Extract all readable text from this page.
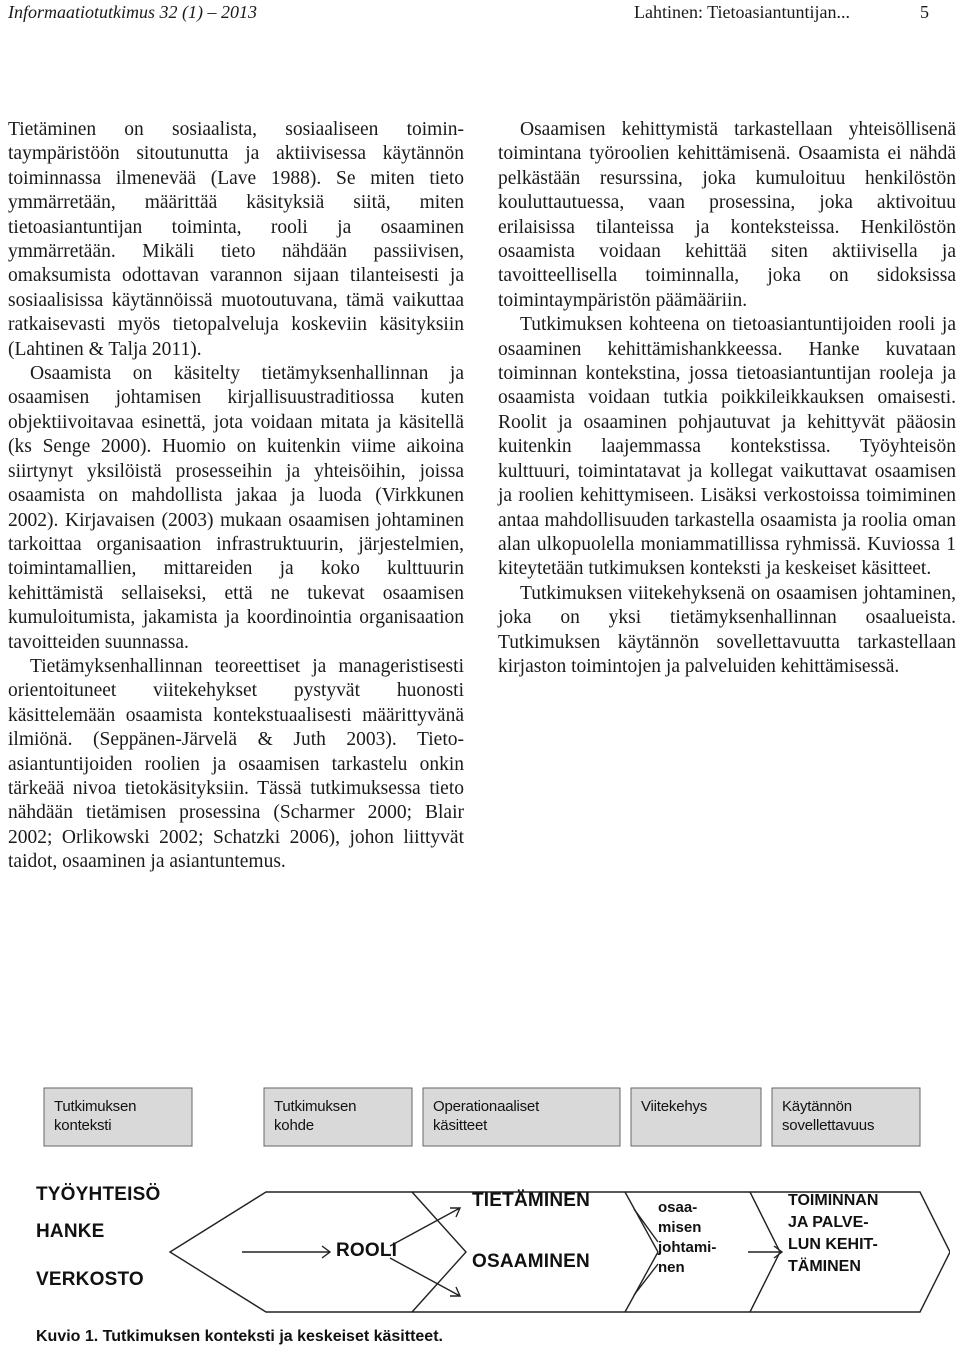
Informaatiotutkimus 32 (1) – 2013	Lahtinen: Tietoasiantuntijan...	5

Tietäminen on sosiaalista, sosiaaliseen toimintaympäristöön sitoutunutta ja aktiivisessa käytännön toiminnassa ilmenevää (Lave 1988). Se miten tieto ymmärretään, määrittää käsityksiä siitä, miten tietoasiantuntijan toiminta, rooli ja osaaminen ymmärretään. Mikäli tieto nähdään passiivisen, omaksumista odottavan varannon sijaan tilanteisesti ja sosiaalisissa käytännöissä muotoutuvana, tämä vaikuttaa ratkaisevasti myös tietopalveluja koskeviin käsityksiin (Lahtinen & Talja 2011).

Osaamista on käsitelty tietämyksenhallinnan ja osaamisen johtamisen kirjallisuustraditiossa kuten objektiivoitavaa esinettä, jota voidaan mitata ja käsitellä (ks Senge 2000). Huomio on kuitenkin viime aikoina siirtynyt yksilöistä prosesseihin ja yhteisöihin, joissa osaamista on mahdollista jakaa ja luoda (Virkkunen 2002). Kirjavaisen (2003) mukaan osaamisen johtaminen tarkoittaa organisaation infrastruktuurin, järjestelmien, toimintamallien, mittareiden ja koko kulttuurin kehittämistä sellaiseksi, että ne tukevat osaamisen kumuloitumista, jakamista ja koordinointia organisaation tavoitteiden suunnassa.

Tietämyksenhallinnan teoreettiset ja manageristisesti orientoituneet viitekehykset pystyvät huonosti käsittelemään osaamista kontekstuaalisesti määrittyvänä ilmiönä. (Seppänen-Järvelä & Juth 2003). Tietoasiantuntijoiden roolien ja osaamisen tarkastelu onkin tärkeää nivoa tietokäsityksiin. Tässä tutkimuksessa tieto nähdään tietämisen prosessina (Scharmer 2000; Blair 2002; Orlikowski 2002; Schatzki 2006), johon liittyvät taidot, osaaminen ja asiantuntemus.

Osaamisen kehittymistä tarkastellaan yhteisöllisenä toimintana työroolien kehittämisenä. Osaamista ei nähdä pelkästään resurssina, joka kumuloituu henkilöstön kouluttautuessa, vaan prosessina, joka aktivoituu erilaisissa tilanteissa ja konteksteissa. Henkilöstön osaamista voidaan kehittää siten aktiivisella ja tavoitteellisella toiminnalla, joka on sidoksissa toimintaympäristön päämääriin.

Tutkimuksen kohteena on tietoasiantuntijoiden rooli ja osaaminen kehittämishankkeessa. Hanke kuvataan toiminnan kontekstina, jossa tietoasiantuntijan rooleja ja osaamista voidaan tutkia poikkileikkauksen omaisesti. Roolit ja osaaminen pohjautuvat ja kehittyvät pääosin kuitenkin laajemmassa kontekstissa. Työyhteisön kulttuuri, toimintatavat ja kollegat vaikuttavat osaamisen ja roolien kehittymiseen. Lisäksi verkostoissa toimiminen antaa mahdollisuuden tarkastella osaamista ja roolia oman alan ulkopuolella moniammatillissa ryhmissä. Kuviossa 1 kiteytetään tutkimuksen konteksti ja keskeiset käsitteet.

Tutkimuksen viitekehyksenä on osaamisen johtaminen, joka on yksi tietämyksenhallinnan osaalueista. Tutkimuksen käytännön sovellettavuutta tarkastellaan kirjaston toimintojen ja palveluiden kehittämisessä.

Tutkimuksen
konteksti
Tutkimuksen
kohde
Operationaaliset
käsitteet
Viitekehys	Käytännön
sovellettavuus
TYÖYHTEISÖ
HANKE
VERKOSTO
ROOLI
TIETÄMINEN
OSAAMINEN
osaa-
misen
johtami-
nen
TOIMINNAN
JA PALVE-
LUN KEHIT-
TÄMINEN
Kuvio 1. Tutkimuksen konteksti ja keskeiset käsitteet.
